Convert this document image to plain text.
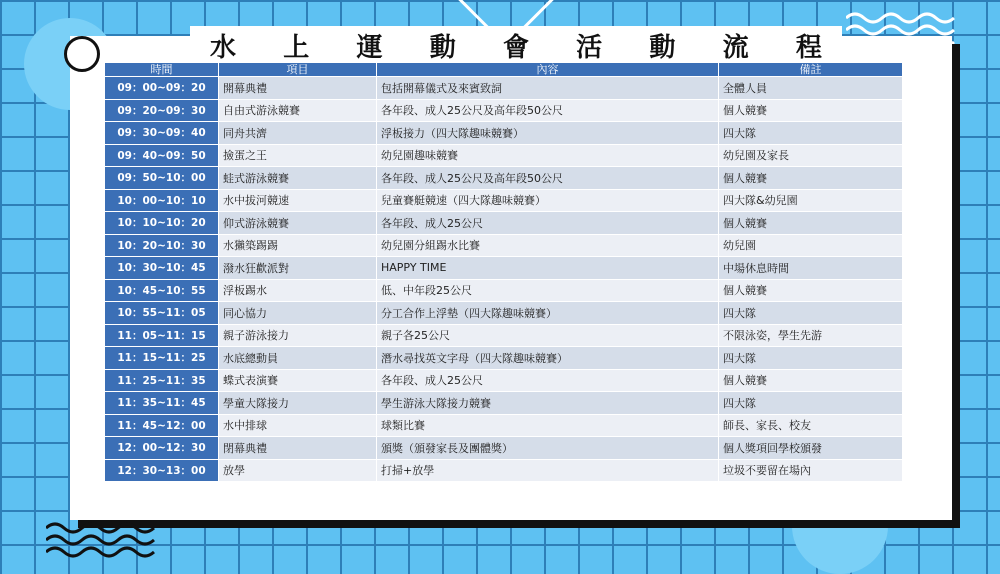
水 上 運 動 會 活 動 流 程
時間	項目	內容	備註
09：00~09：20	開幕典禮	包括開幕儀式及來賓致詞	全體人員
09：20~09：30	自由式游泳競賽	各年段、成人25公尺及高年段50公尺	個人競賽
09：30~09：40	同舟共濟	浮板接力（四大隊趣味競賽）	四大隊
09：40~09：50	撿蛋之王	幼兒園趣味競賽	幼兒園及家長
09：50~10：00	蛙式游泳競賽	各年段、成人25公尺及高年段50公尺	個人競賽
10：00~10：10	水中拔河競速	兒童賽艇競速（四大隊趣味競賽）	四大隊&幼兒園
10：10~10：20	仰式游泳競賽	各年段、成人25公尺	個人競賽
10：20~10：30	水獺築踢踢	幼兒園分組踢水比賽	幼兒園
10：30~10：45	潑水狂歡派對	HAPPY TIME	中場休息時間
10：45~10：55	浮板踢水	低、中年段25公尺	個人競賽
10：55~11：05	同心協力	分工合作上浮墊（四大隊趣味競賽）	四大隊
11：05~11：15	親子游泳接力	親子各25公尺	不限泳姿，學生先游
11：15~11：25	水底總動員	潛水尋找英文字母（四大隊趣味競賽）	四大隊
11：25~11：35	蝶式表演賽	各年段、成人25公尺	個人競賽
11：35~11：45	學童大隊接力	學生游泳大隊接力競賽	四大隊
11：45~12：00	水中排球	球類比賽	師長、家長、校友
12：00~12：30	閉幕典禮	頒獎（頒發家長及團體獎）	個人獎項回學校頒發
12：30~13：00	放學	打掃+放學	垃圾不要留在場內
